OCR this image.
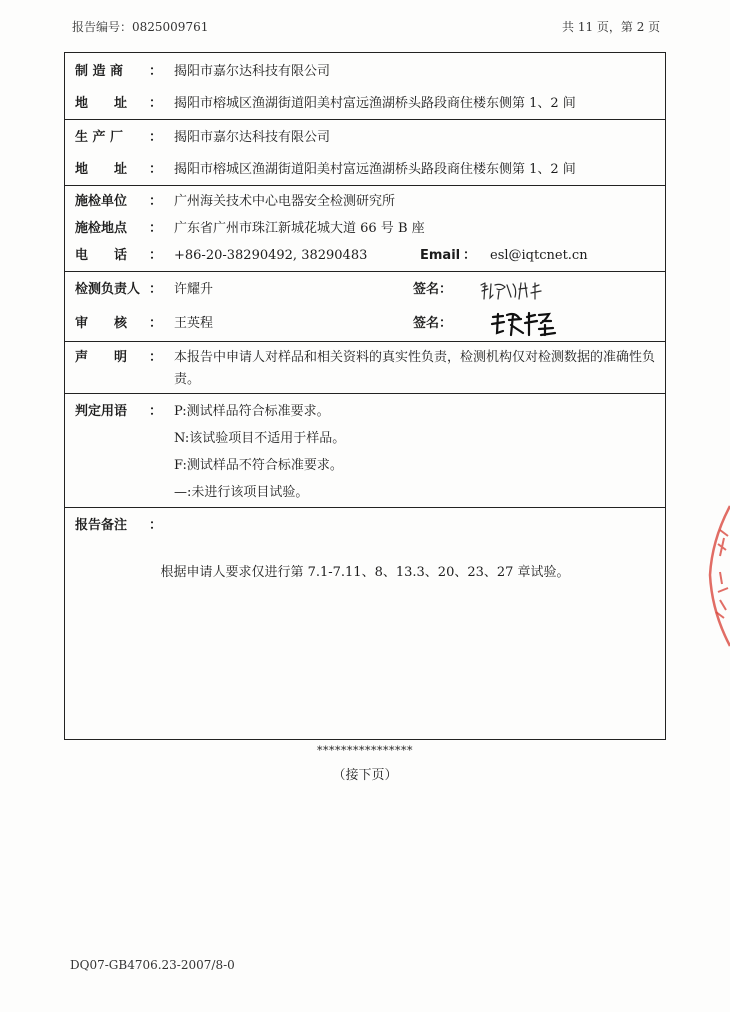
报告编号：0825009761	共 11 页，第 2 页
制 造 商 ： 揭阳市嘉尔达科技有限公司
地　　址 ： 揭阳市榕城区渔湖街道阳美村富远渔湖桥头路段商住楼东侧第 1、2 间
生 产 厂 ： 揭阳市嘉尔达科技有限公司
地　　址 ： 揭阳市榕城区渔湖街道阳美村富远渔湖桥头路段商住楼东侧第 1、2 间
施检单位 ： 广州海关技术中心电器安全检测研究所
施检地点 ： 广东省广州市珠江新城花城大道 66 号 B 座
电　　话 ： +86-20-38290492, 38290483	Email ： esl@iqtcnet.cn
检测负责人 ： 许耀升	签名 ：
审　　核 ： 王英程	签名 ：
声　　明 ： 本报告中申请人对样品和相关资料的真实性负责，检测机构仅对检测数据的准确性负责。
判定用语 ： P:测试样品符合标准要求。
N:该试验项目不适用于样品。
F:测试样品不符合标准要求。
—:未进行该项目试验。
报告备注 ：
根据申请人要求仅进行第 7.1-7.11、8、13.3、20、23、27 章试验。
****************
（接下页）
DQ07-GB4706.23-2007/8-0
